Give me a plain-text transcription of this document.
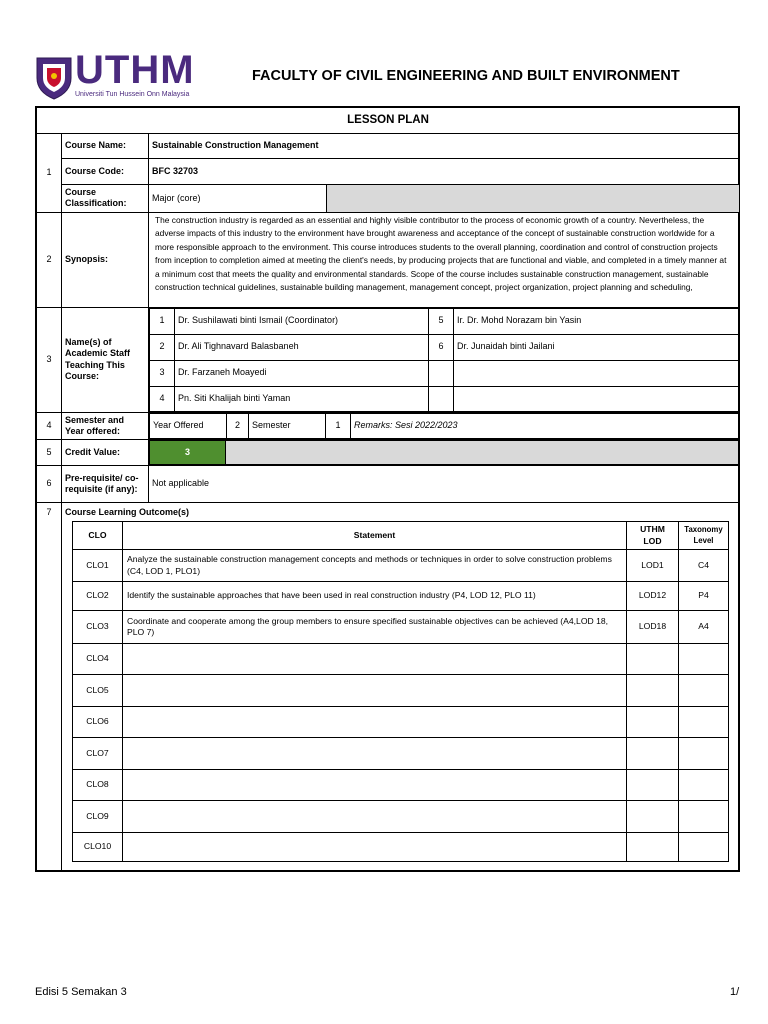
UTHM
Universiti Tun Hussein Onn Malaysia
FACULTY OF CIVIL ENGINEERING AND BUILT ENVIRONMENT
LESSON PLAN
1	Course Name:	Sustainable Construction Management
Course Code:	BFC 32703
Course Classification:	Major (core)	
2	Synopsis:	
The construction industry is regarded as an essential and highly visible contributor to the process of economic growth of a country. Nevertheless, the adverse impacts of this industry to the environment have brought awareness and acceptance of the concept of sustainable construction worldwide for a more responsible approach to the environment. This course introduces students to the overall planning, coordination and control of construction projects from inception to completion aimed at meeting the client's needs, by producing projects that are functional and viable, and completed in a timely manner at a minimum cost that meets the quality and environmental standards. Scope of the course includes sustainable construction management, sustainable construction technical guidelines, sustainable building management, management concept, project organization, project planning and scheduling,

3	Name(s) of Academic Staff Teaching This Course:	
1	Dr. Sushilawati binti Ismail (Coordinator)	5	Ir. Dr. Mohd Norazam bin Yasin
2	Dr. Ali Tighnavard Balasbaneh	6	Dr. Junaidah binti Jailani
3	Dr. Farzaneh Moayedi		
4	Pn. Siti Khalijah binti Yaman		

4	Semester and Year offered:	
Year Offered	2	Semester	1	Remarks: Sesi 2022/2023

5	Credit Value:		3	

6	Pre-requisite/ co-requisite (if any):	Not applicable
7	Course Learning Outcome(s)
CLO	Statement	UTHM LOD	Taxonomy Level
CLO1	Analyze the sustainable construction management concepts and methods or techniques in order to solve construction problems (C4, LOD 1, PLO1)	LOD1	C4
CLO2	Identify the sustainable approaches that have been used in real construction industry (P4, LOD 12, PLO 11)	LOD12	P4
CLO3	Coordinate and cooperate among the group members to ensure specified sustainable objectives can be achieved (A4,LOD 18, PLO 7)	LOD18	A4
CLO4			
CLO5			
CLO6			
CLO7			
CLO8			
CLO9			
CLO10			
Edisi 5 Semakan 3	1/
